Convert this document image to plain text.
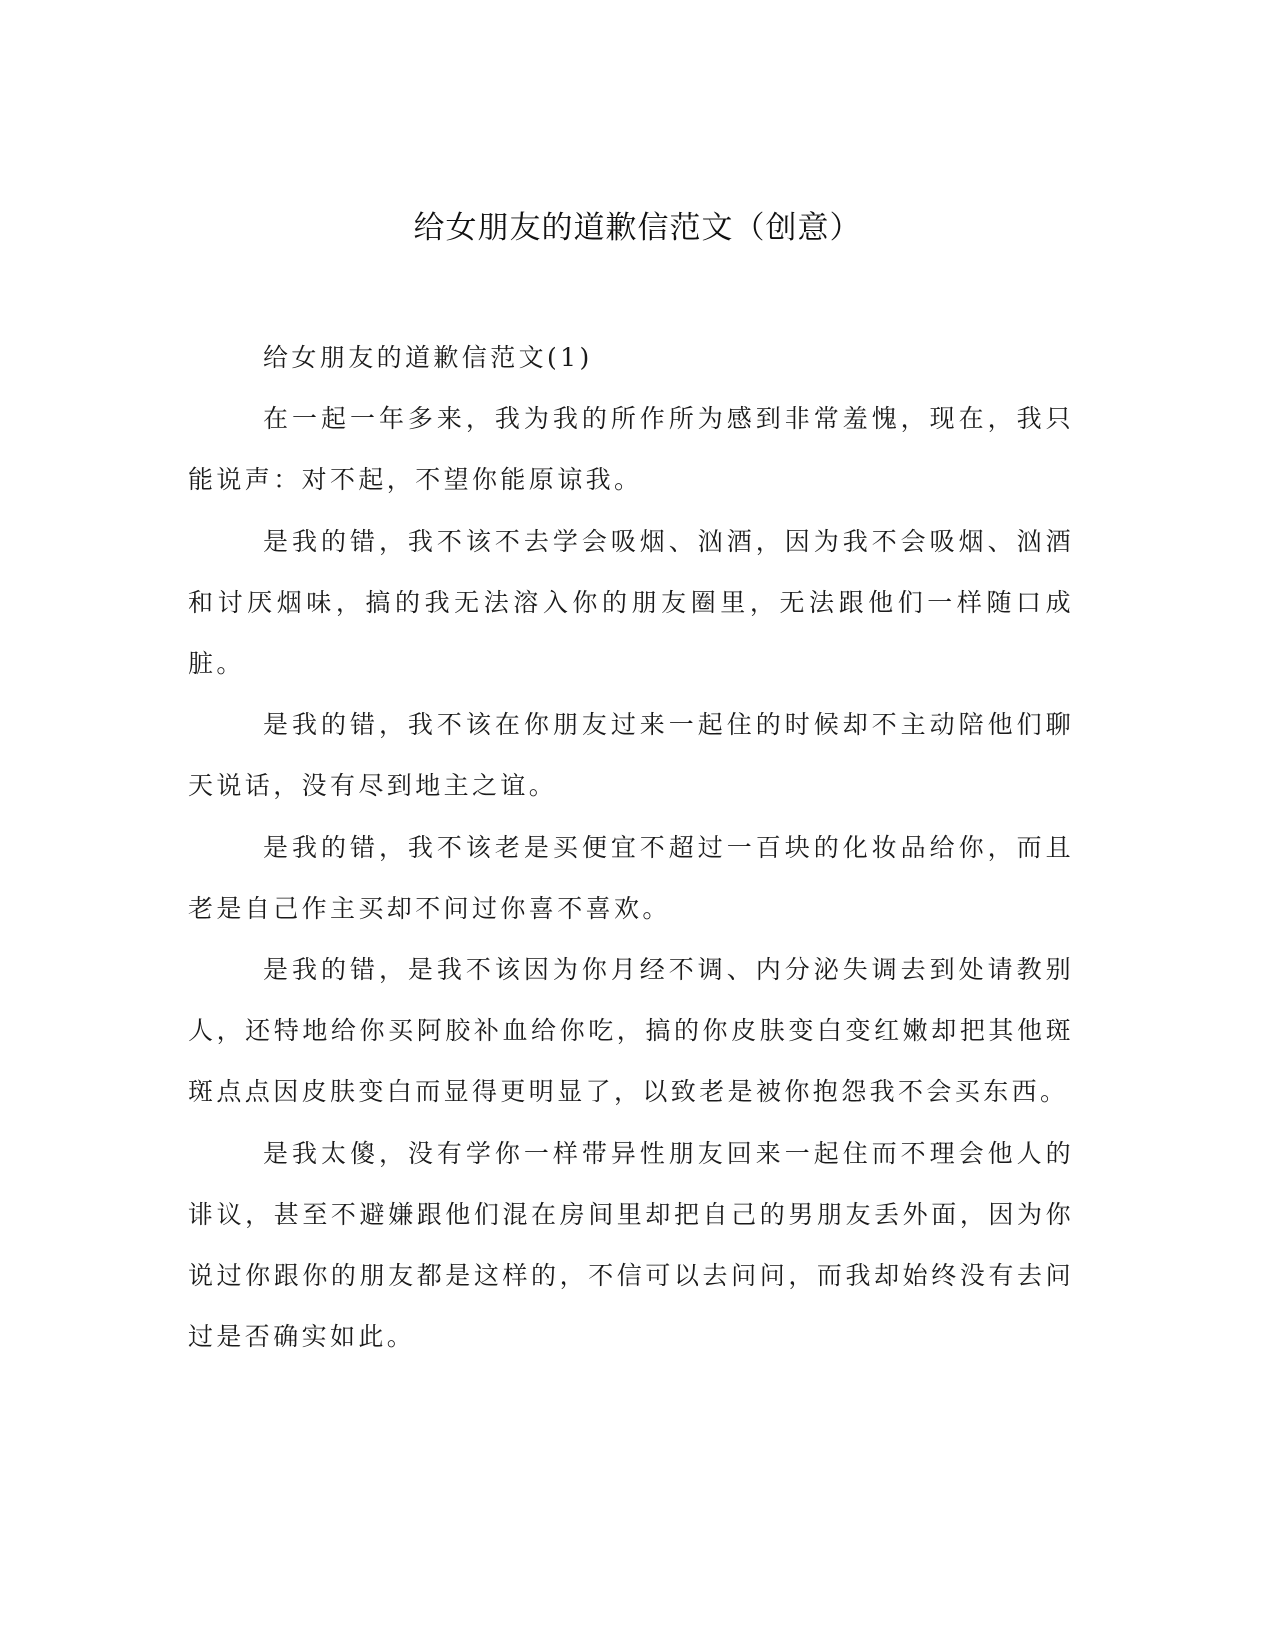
给女朋友的道歉信范文（创意）

给女朋友的道歉信范文(1)

在一起一年多来，我为我的所作所为感到非常羞愧，现在，我只能说声：对不起，不望你能原谅我。

是我的错，我不该不去学会吸烟、汹酒，因为我不会吸烟、汹酒和讨厌烟味，搞的我无法溶入你的朋友圈里，无法跟他们一样随口成脏。

是我的错，我不该在你朋友过来一起住的时候却不主动陪他们聊天说话，没有尽到地主之谊。

是我的错，我不该老是买便宜不超过一百块的化妆品给你，而且老是自己作主买却不问过你喜不喜欢。

是我的错，是我不该因为你月经不调、内分泌失调去到处请教别人，还特地给你买阿胶补血给你吃，搞的你皮肤变白变红嫩却把其他斑斑点点因皮肤变白而显得更明显了，以致老是被你抱怨我不会买东西。

是我太傻，没有学你一样带异性朋友回来一起住而不理会他人的诽议，甚至不避嫌跟他们混在房间里却把自己的男朋友丢外面，因为你说过你跟你的朋友都是这样的，不信可以去问问，而我却始终没有去问过是否确实如此。
